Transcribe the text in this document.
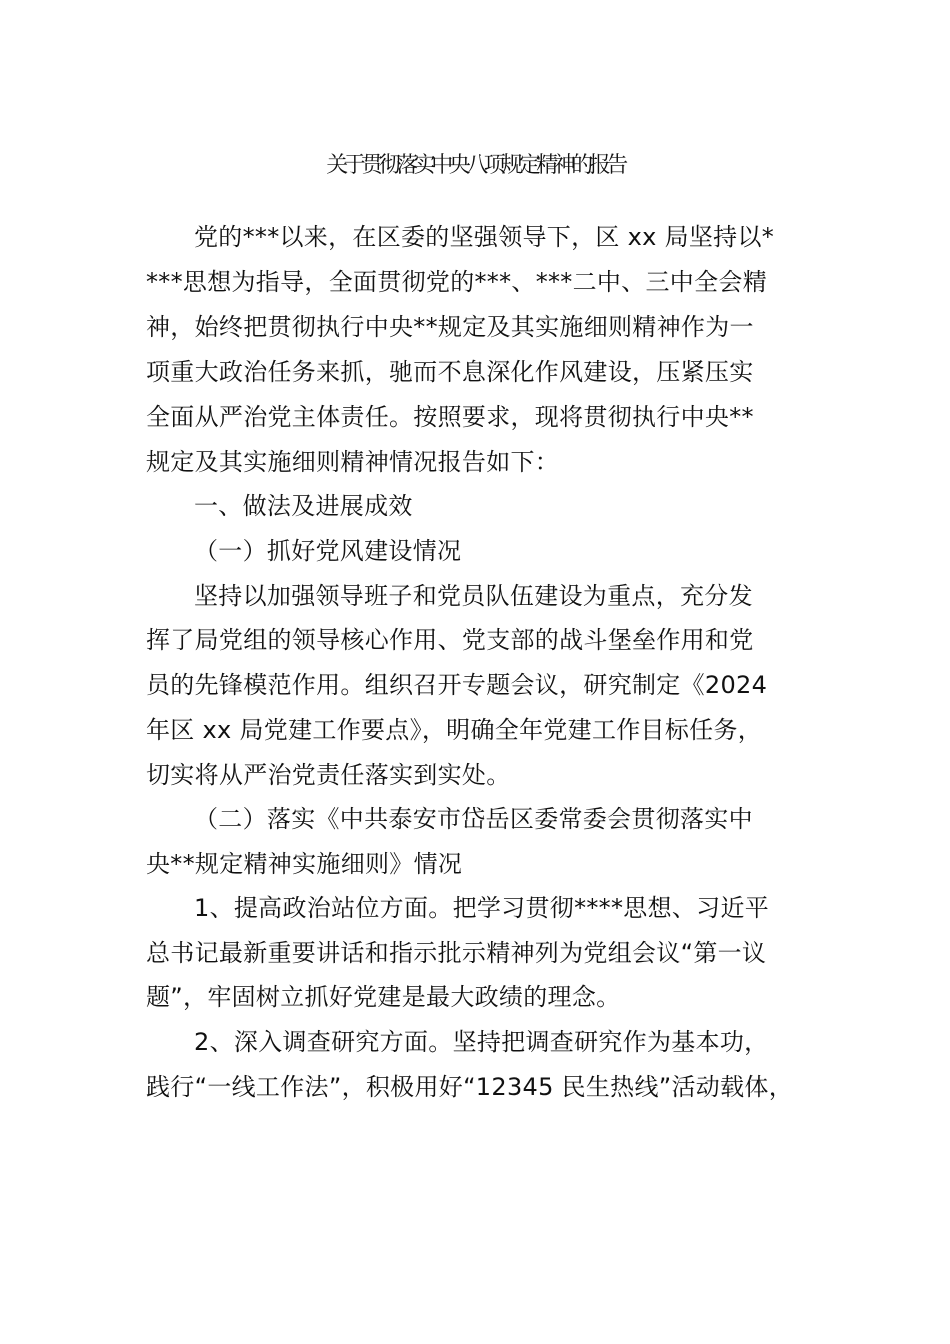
关于贯彻落实中央八项规定精神的报告
党的***以来，在区委的坚强领导下，区 xx 局坚持以*
***思想为指导，全面贯彻党的***、***二中、三中全会精
神，始终把贯彻执行中央**规定及其实施细则精神作为一
项重大政治任务来抓，驰而不息深化作风建设，压紧压实
全面从严治党主体责任。按照要求，现将贯彻执行中央**
规定及其实施细则精神情况报告如下：
一、做法及进展成效
（一）抓好党风建设情况
坚持以加强领导班子和党员队伍建设为重点，充分发
挥了局党组的领导核心作用、党支部的战斗堡垒作用和党
员的先锋模范作用。组织召开专题会议，研究制定《2024
年区 xx 局党建工作要点》，明确全年党建工作目标任务，
切实将从严治党责任落实到实处。
（二）落实《中共泰安市岱岳区委常委会贯彻落实中
央**规定精神实施细则》情况
1、提高政治站位方面。把学习贯彻****思想、习近平
总书记最新重要讲话和指示批示精神列为党组会议“第一议
题”，牢固树立抓好党建是最大政绩的理念。
2、深入调查研究方面。坚持把调查研究作为基本功，
践行“一线工作法”，积极用好“12345 民生热线”活动载体，
